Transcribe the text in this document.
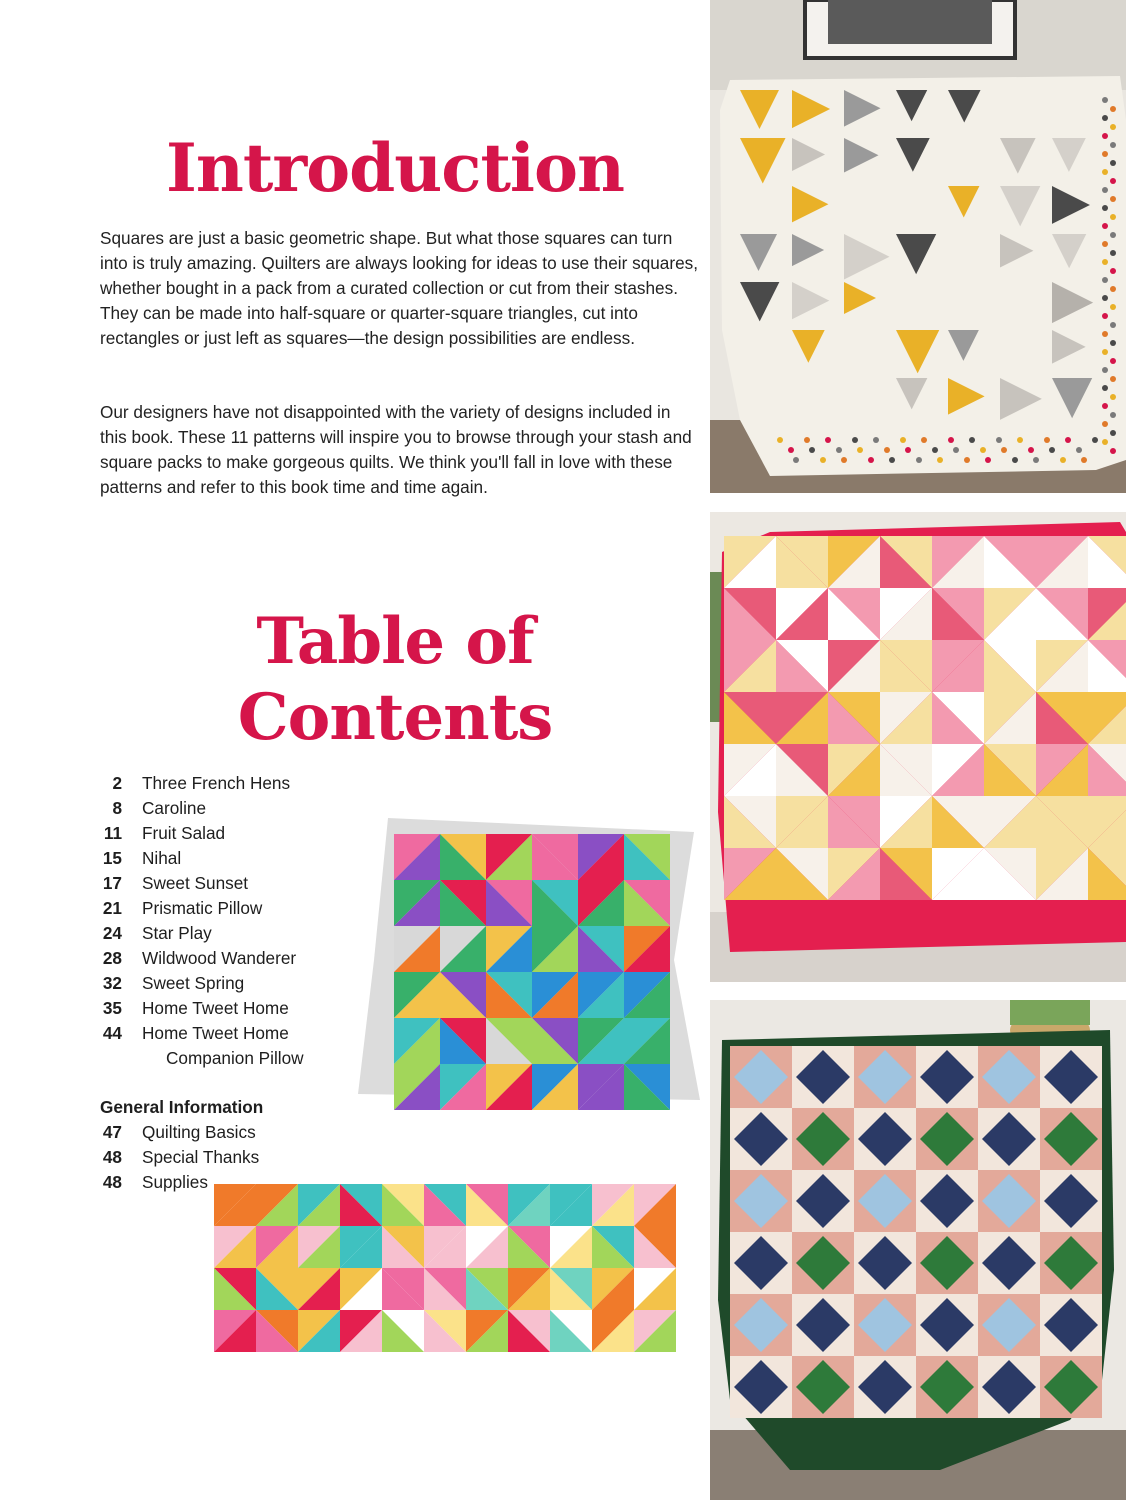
Introduction

Squares are just a basic geometric shape. But what those squares can turn into is truly amazing. Quilters are always looking for ideas to use their squares, whether bought in a pack from a curated collection or cut from their stashes. They can be made into half-square or quarter-square triangles, cut into rectangles or just left as squares—the design possibilities are endless.

Our designers have not disappointed with the variety of designs included in this book. These 11 patterns will inspire you to browse through your stash and square packs to make gorgeous quilts. We think you'll fall in love with these patterns and refer to this book time and time again.

Table of
Contents
2 Three French Hens
8 Caroline
11 Fruit Salad
15 Nihal
17 Sweet Sunset
21 Prismatic Pillow
24 Star Play
28 Wildwood Wanderer
32 Sweet Spring
35 Home Tweet Home
44 Home Tweet Home
Companion Pillow
General Information
47 Quilting Basics
48 Special Thanks
48 Supplies
